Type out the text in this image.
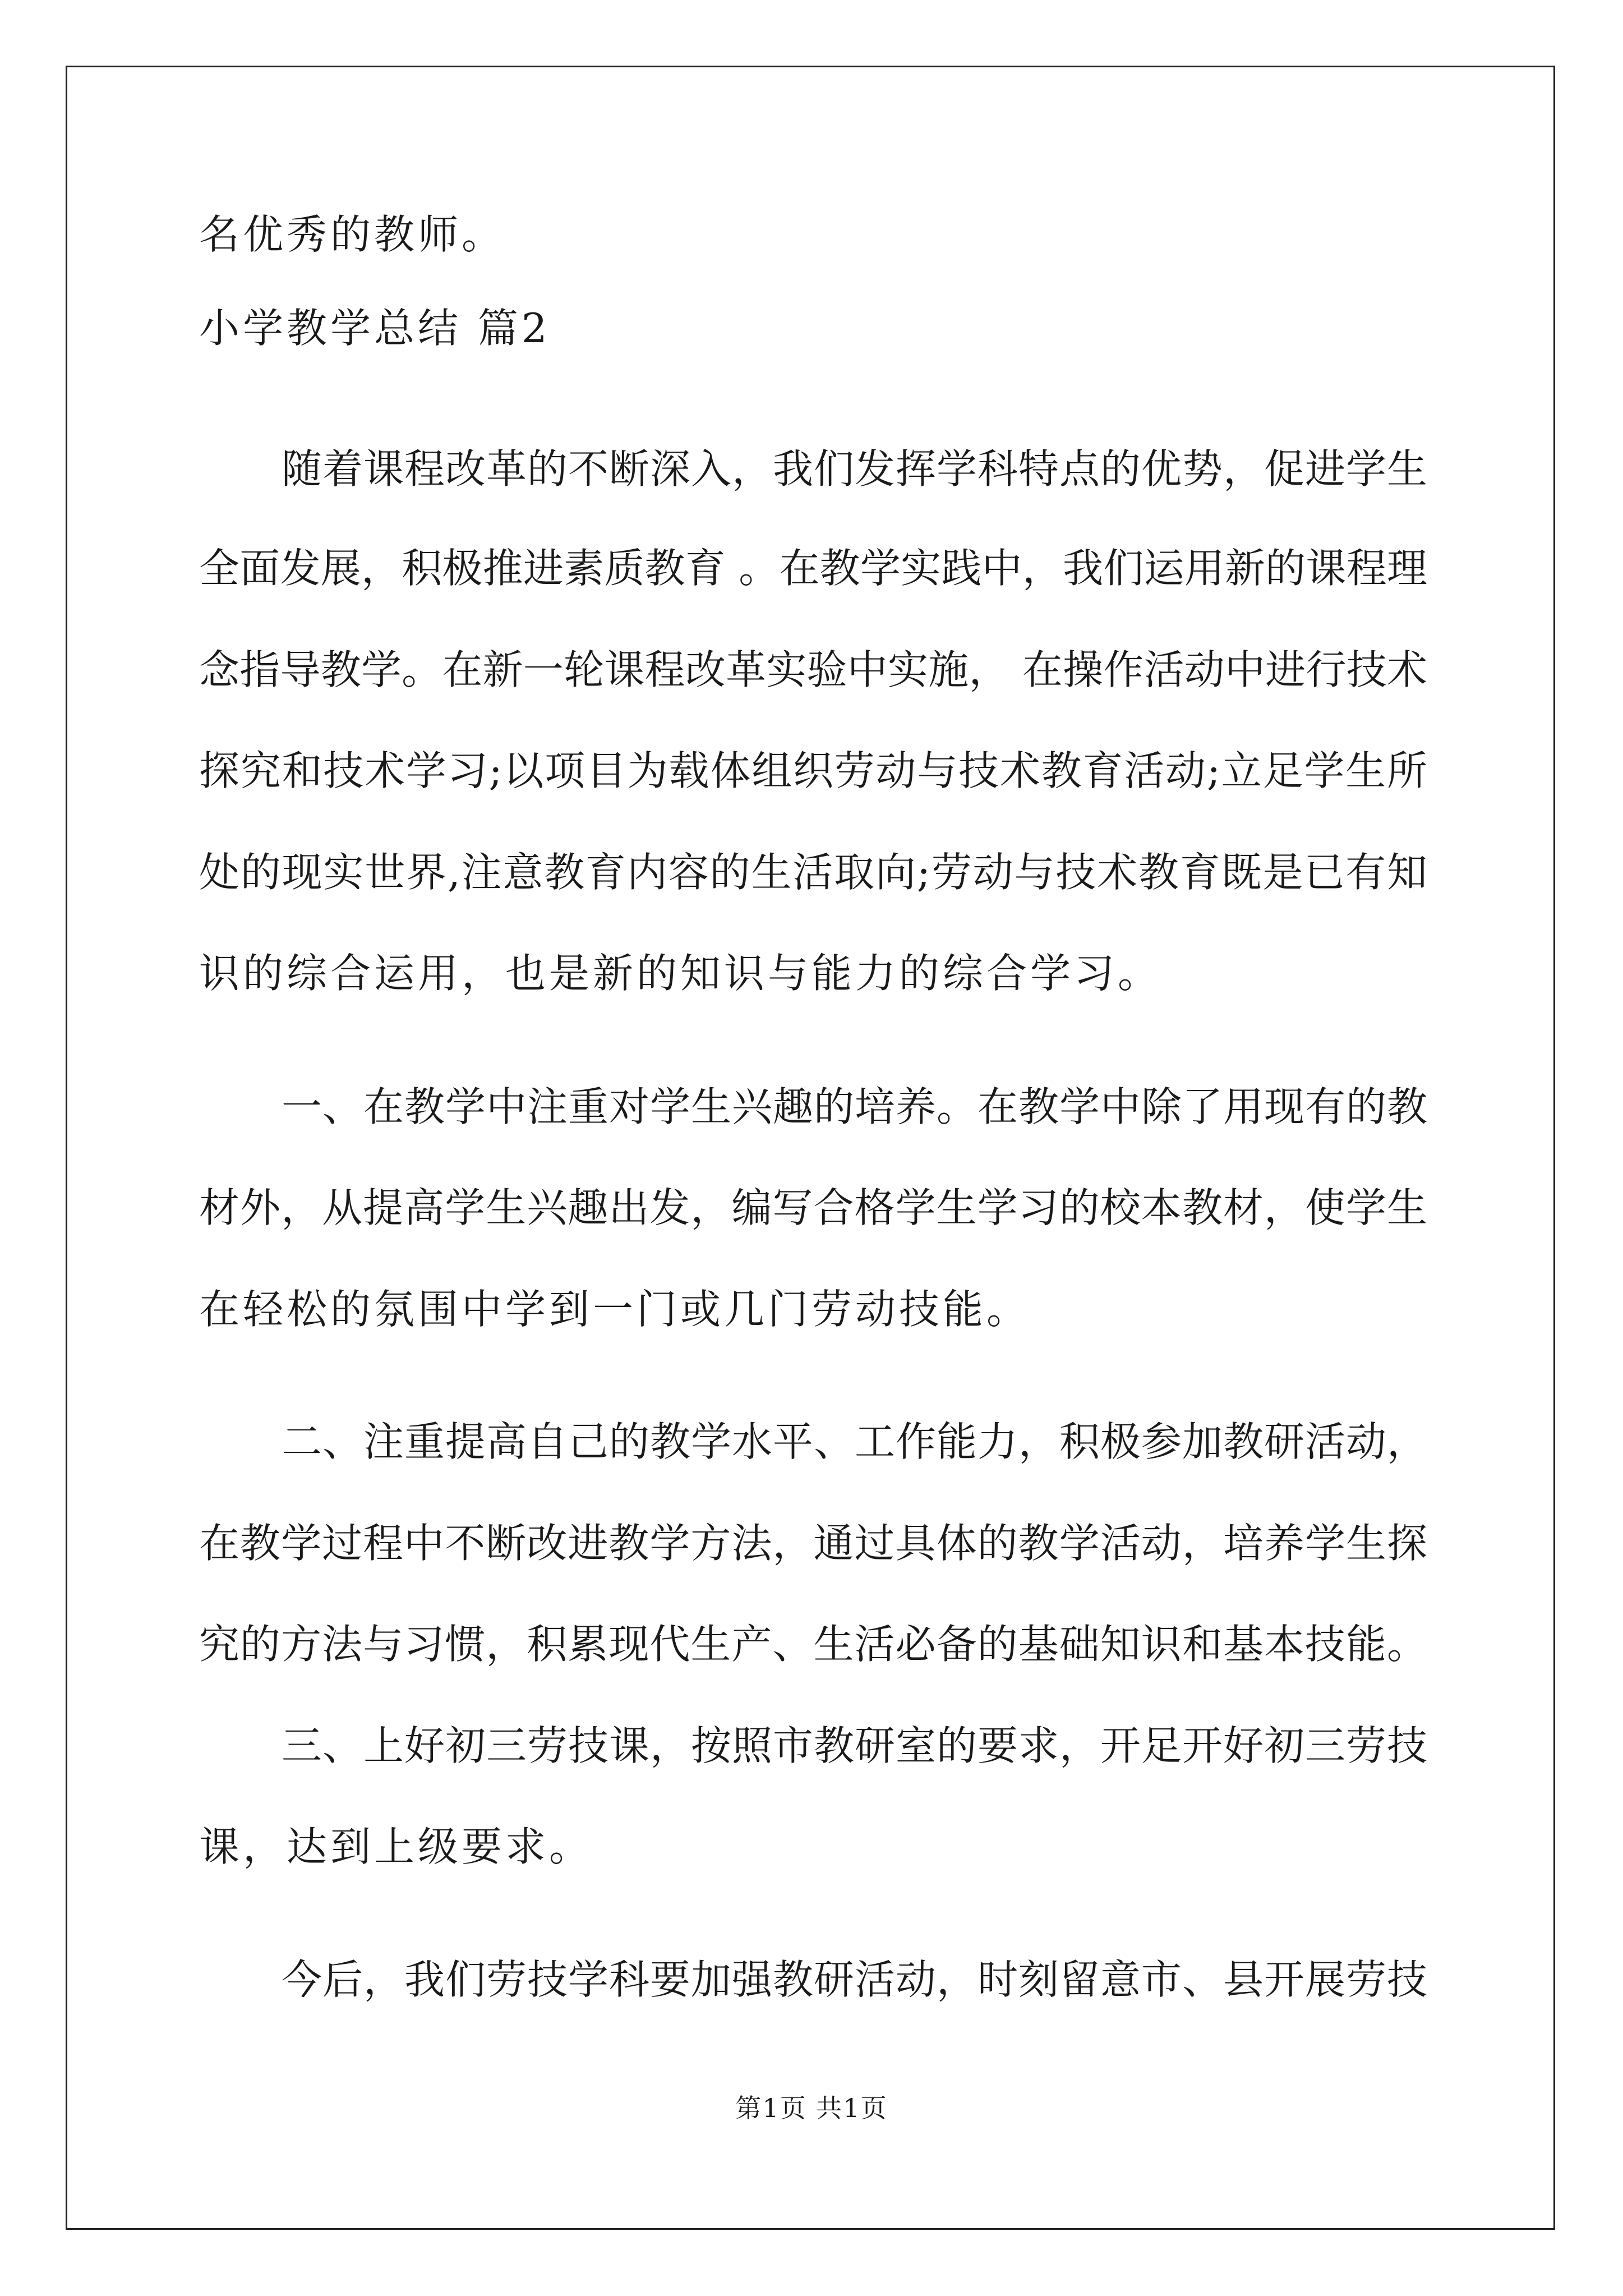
名优秀的教师。
小学教学总结 篇2
随着课程改革的不断深入，我们发挥学科特点的优势，促进学生
全面发展，积极推进素质教育 。在教学实践中，我们运用新的课程理
念指导教学。在新一轮课程改革实验中实施， 在操作活动中进行技术
探究和技术学习;以项目为载体组织劳动与技术教育活动;立足学生所
处的现实世界,注意教育内容的生活取向;劳动与技术教育既是已有知
识的综合运用，也是新的知识与能力的综合学习。
一、在教学中注重对学生兴趣的培养。在教学中除了用现有的教
材外，从提高学生兴趣出发，编写合格学生学习的校本教材，使学生
在轻松的氛围中学到一门或几门劳动技能。
二、注重提高自己的教学水平、工作能力，积极参加教研活动，
在教学过程中不断改进教学方法，通过具体的教学活动，培养学生探
究的方法与习惯，积累现代生产、生活必备的基础知识和基本技能。
三、上好初三劳技课，按照市教研室的要求，开足开好初三劳技
课，达到上级要求。
今后，我们劳技学科要加强教研活动，时刻留意市、县开展劳技
第1页 共1页
